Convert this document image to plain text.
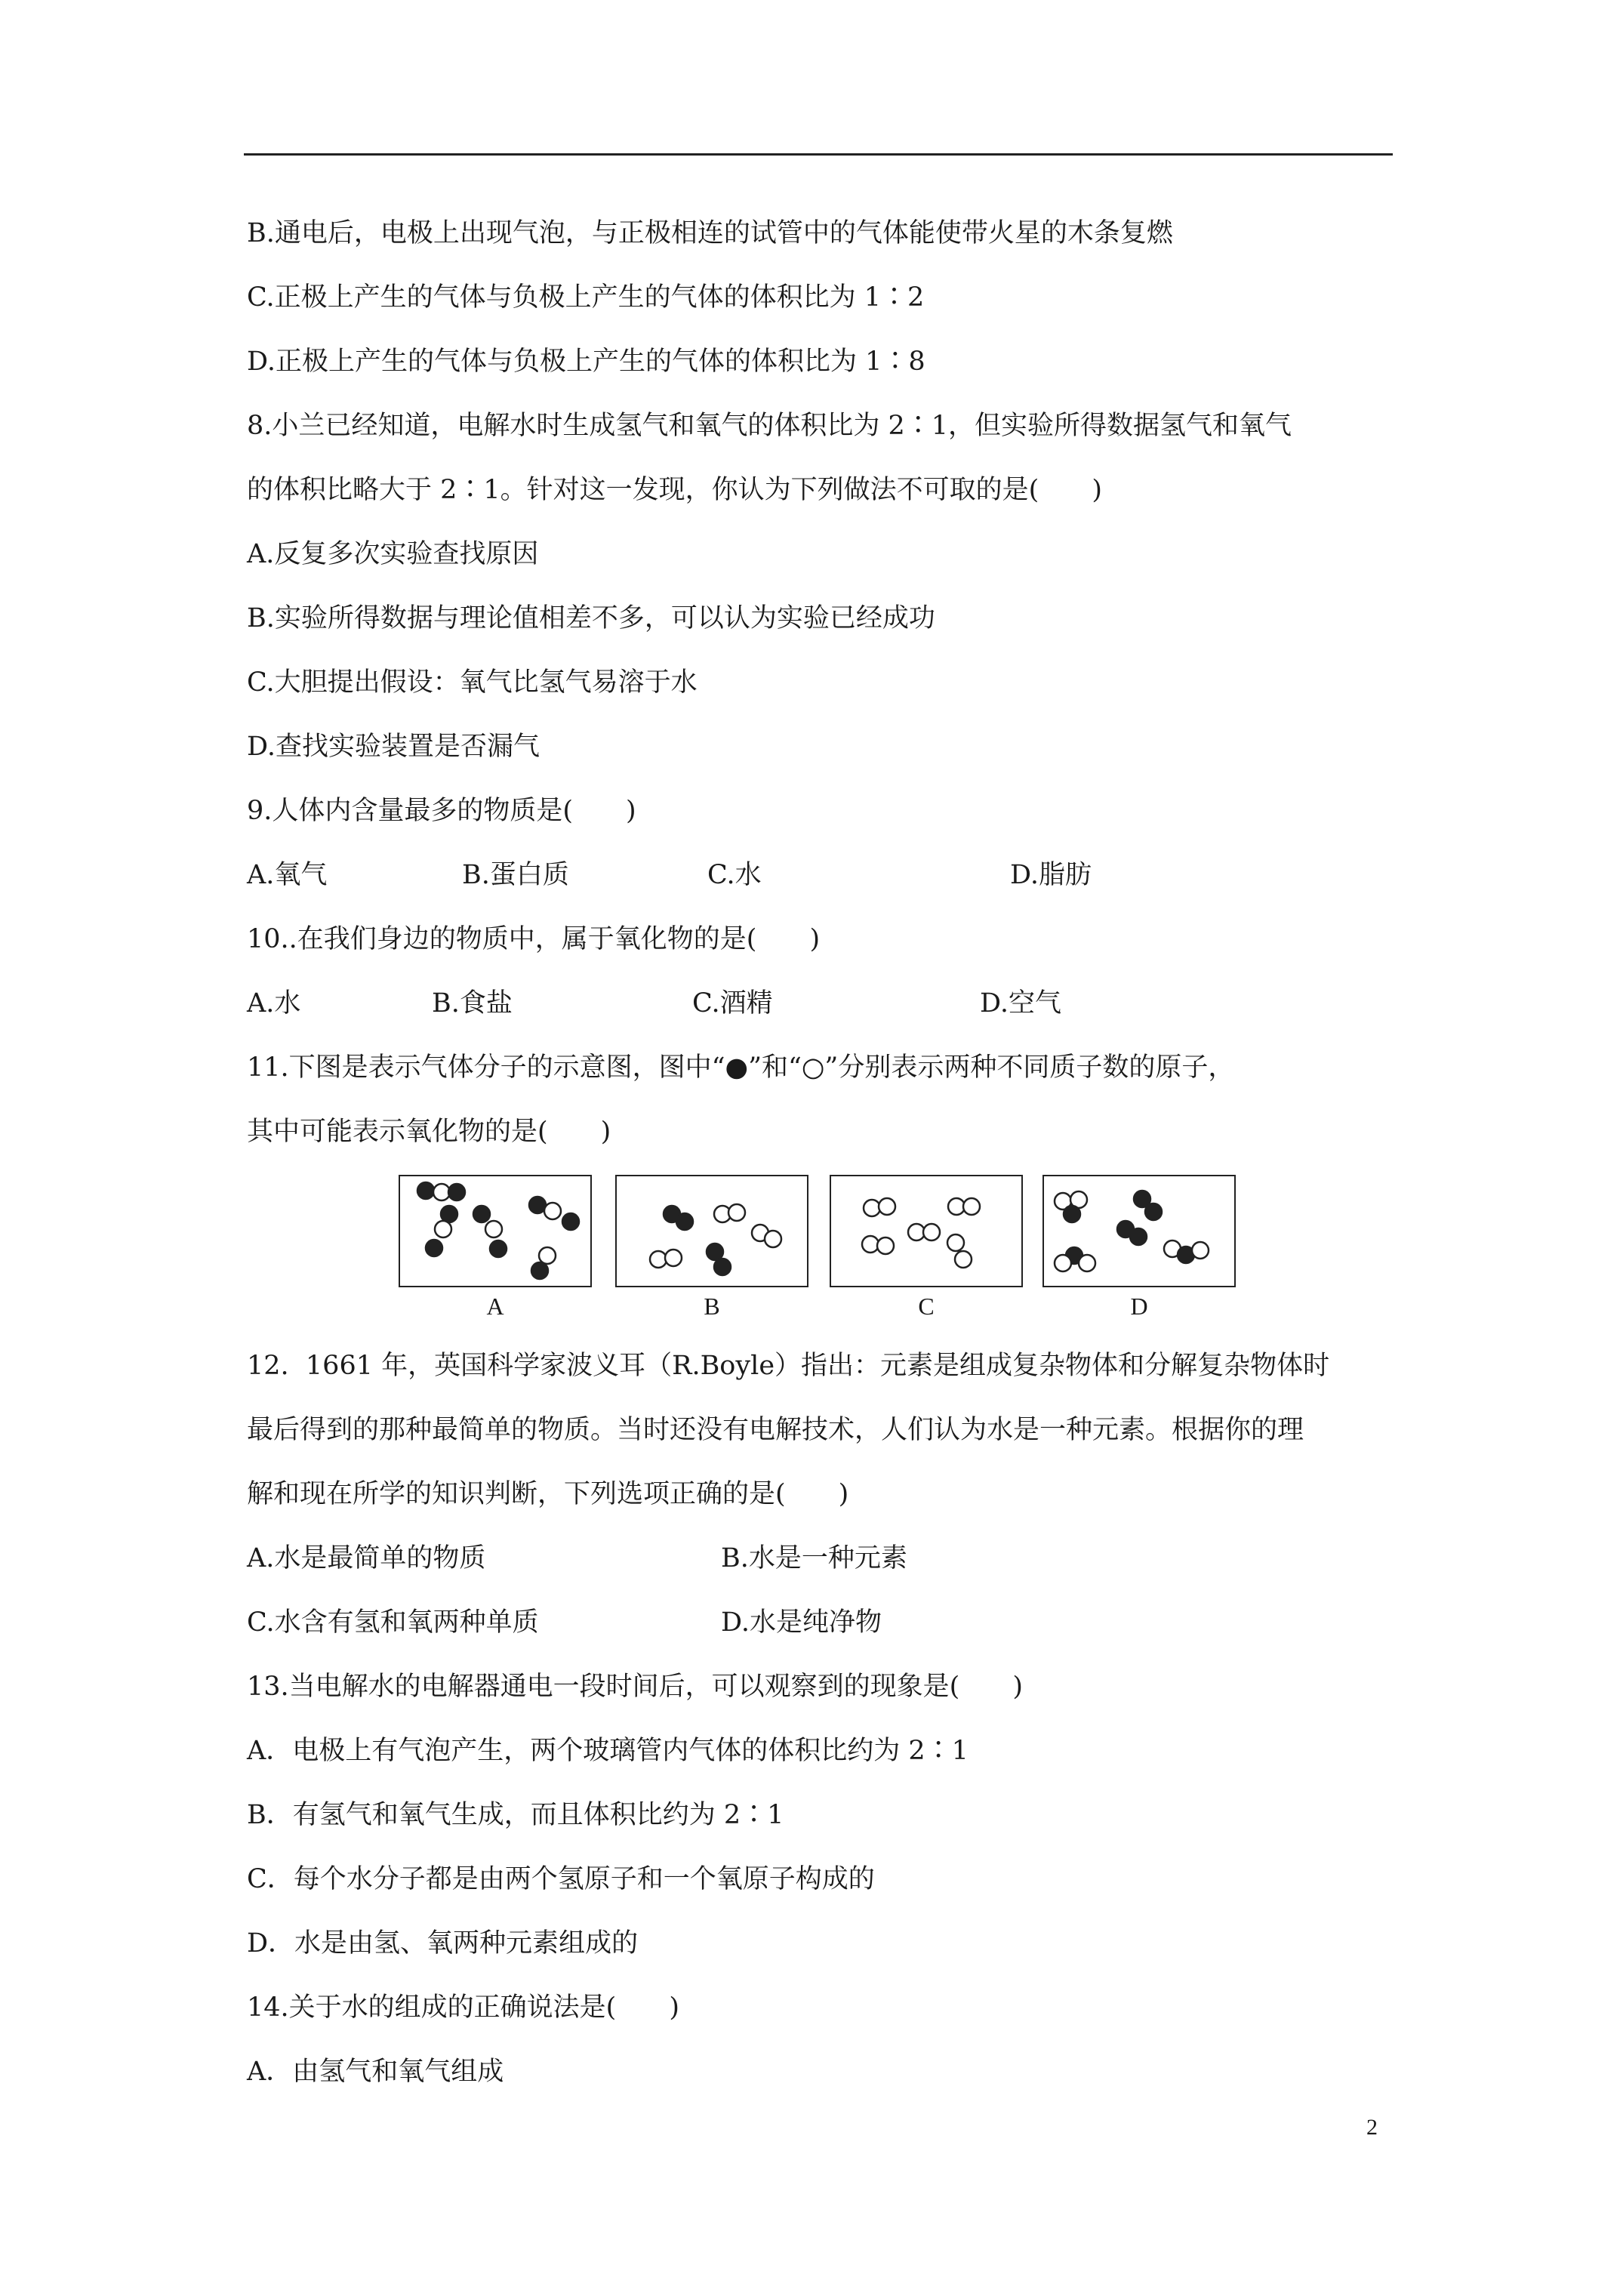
B.通电后，电极上出现气泡，与正极相连的试管中的气体能使带火星的木条复燃
C.正极上产生的气体与负极上产生的气体的体积比为 1∶2
D.正极上产生的气体与负极上产生的气体的体积比为 1∶8
8.小兰已经知道，电解水时生成氢气和氧气的体积比为 2∶1，但实验所得数据氢气和氧气
的体积比略大于 2∶1。针对这一发现，你认为下列做法不可取的是(　　)
A.反复多次实验查找原因
B.实验所得数据与理论值相差不多，可以认为实验已经成功
C.大胆提出假设：氧气比氢气易溶于水
D.查找实验装置是否漏气
9.人体内含量最多的物质是(　　)
A.氧气	B.蛋白质	C.水	D.脂肪
10..在我们身边的物质中，属于氧化物的是(　　)
A.水	B.食盐	C.酒精	D.空气
11.下图是表示气体分子的示意图，图中“●”和“○”分别表示两种不同质子数的原子，
其中可能表示氧化物的是(　　)
A	B	C	D
12.  1661 年，英国科学家波义耳（R.Boyle）指出：元素是组成复杂物体和分解复杂物体时
最后得到的那种最简单的物质。当时还没有电解技术，人们认为水是一种元素。根据你的理
解和现在所学的知识判断，下列选项正确的是(　　)
A.水是最简单的物质	B.水是一种元素
C.水含有氢和氧两种单质	D.水是纯净物
13.当电解水的电解器通电一段时间后，可以观察到的现象是(　　)
A．电极上有气泡产生，两个玻璃管内气体的体积比约为 2∶1
B．有氢气和氧气生成，而且体积比约为 2∶1
C．每个水分子都是由两个氢原子和一个氧原子构成的
D．水是由氢、氧两种元素组成的
14.关于水的组成的正确说法是(　　)
A．由氢气和氧气组成
2
